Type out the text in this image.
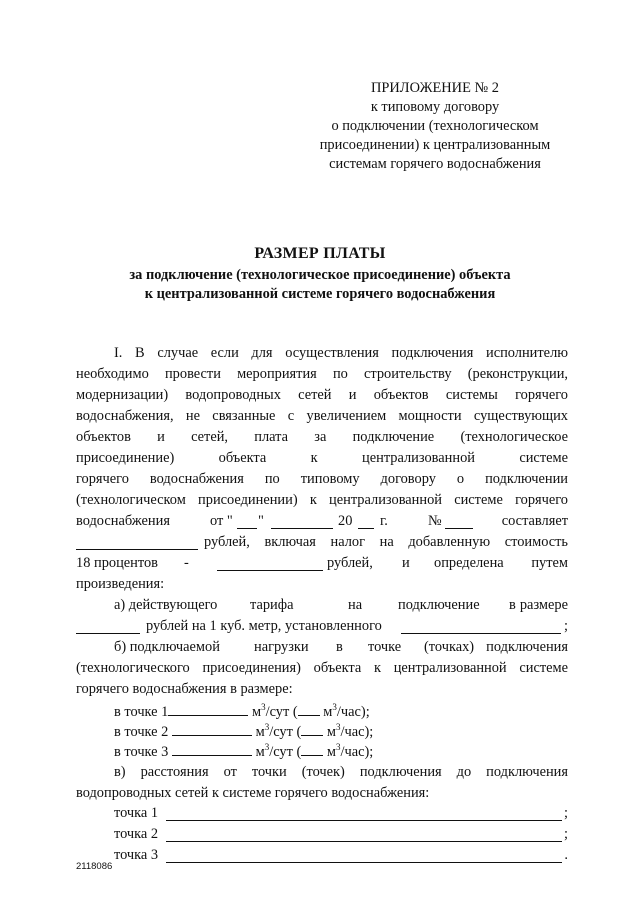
ПРИЛОЖЕНИЕ № 2
к типовому договору
о подключении (технологическом
присоединении) к централизованным
системам горячего водоснабжения
РАЗМЕР ПЛАТЫ
за подключение (технологическое присоединение) объекта
к централизованной системе горячего водоснабжения
I. В случае если для осуществления подключения исполнителю
необходимо провести мероприятия по строительству (реконструкции,
модернизации) водопроводных сетей и объектов системы горячего
водоснабжения, не связанные с увеличением мощности существующих
объектов и сетей, плата за подключение (технологическое
присоединение) объекта к централизованной системе
горячего водоснабжения по типовому договору о подключении
(технологическом присоединении) к централизованной системе горячего
водоснабжения	от " "	20 г.	№	составляет
рублей, включая налог на добавленную стоимость
18 процентов -	рублей, и определена путем
произведения:
а) действующего тарифа	на подключение в размере
рублей на 1 куб. метр, установленного	;
б) подключаемой нагрузки в точке (точках) подключения
(технологического присоединения) объекта к централизованной системе
горячего водоснабжения в размере:
в точке 1	$м^3$/сут ( $м^3/час$);
в точке 2	$м^3$/сут ( $м^3/час$);
в точке 3	$м^3$/сут ( $м^3/час$);
в) расстояния от точки (точек) подключения до подключения
водопроводных сетей к системе горячего водоснабжения:
точка 1	;
точка 2	;
точка 3	.
2118086
